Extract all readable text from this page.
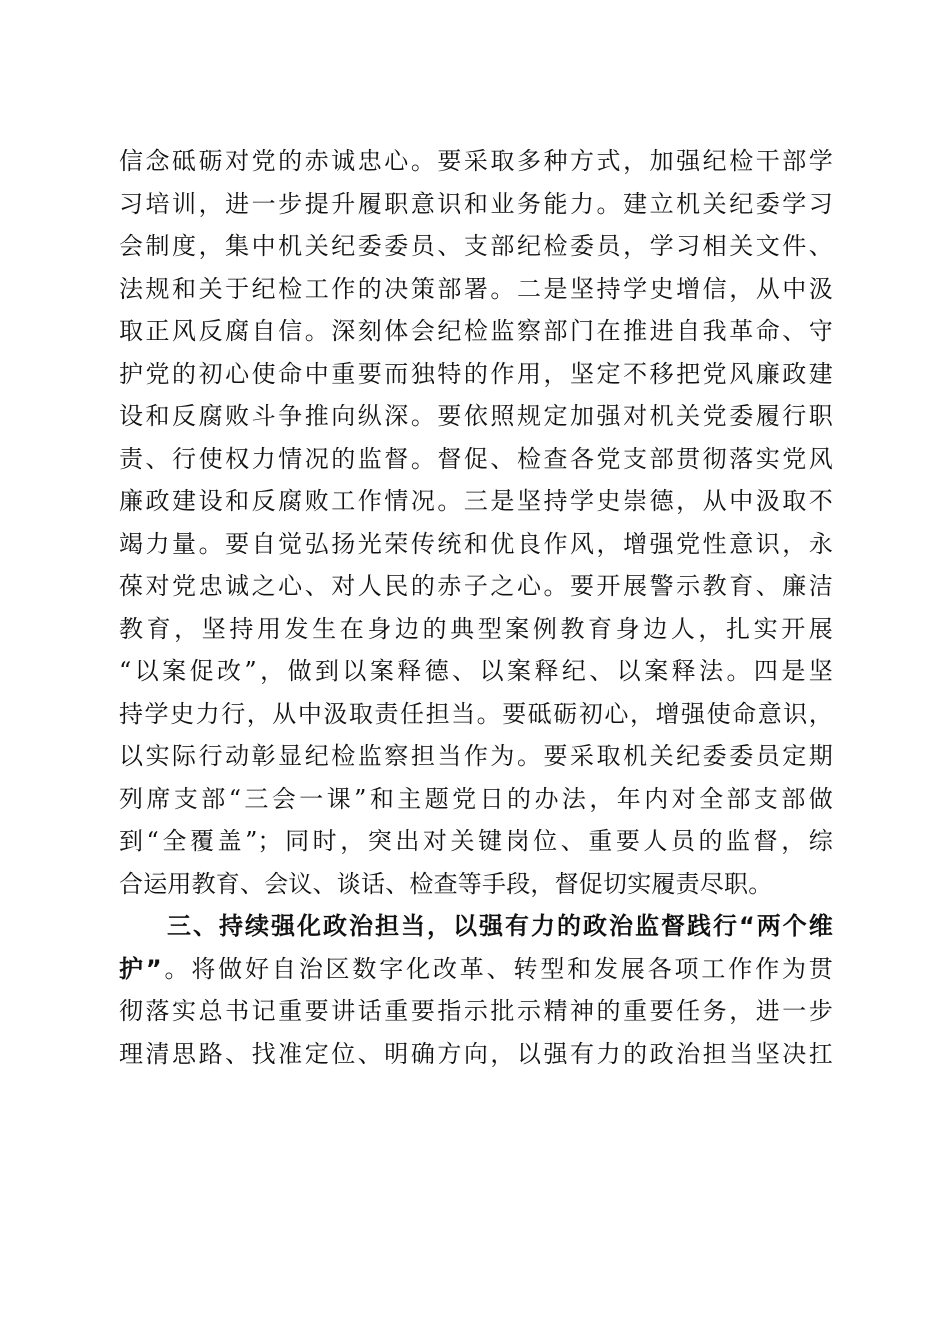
信念砥砺对党的赤诚忠心。要采取多种方式，加强纪检干部学
习培训，进一步提升履职意识和业务能力。建立机关纪委学习
会制度，集中机关纪委委员、支部纪检委员，学习相关文件、
法规和关于纪检工作的决策部署。二是坚持学史增信，从中汲
取正风反腐自信。深刻体会纪检监察部门在推进自我革命、守
护党的初心使命中重要而独特的作用，坚定不移把党风廉政建
设和反腐败斗争推向纵深。要依照规定加强对机关党委履行职
责、行使权力情况的监督。督促、检查各党支部贯彻落实党风
廉政建设和反腐败工作情况。三是坚持学史崇德，从中汲取不
竭力量。要自觉弘扬光荣传统和优良作风，增强党性意识，永
葆对党忠诚之心、对人民的赤子之心。要开展警示教育、廉洁
教育，坚持用发生在身边的典型案例教育身边人，扎实开展
“以案促改”，做到以案释德、以案释纪、以案释法。四是坚
持学史力行，从中汲取责任担当。要砥砺初心，增强使命意识，
以实际行动彰显纪检监察担当作为。要采取机关纪委委员定期
列席支部“三会一课”和主题党日的办法，年内对全部支部做
到“全覆盖”；同时，突出对关键岗位、重要人员的监督，综
合运用教育、会议、谈话、检查等手段，督促切实履责尽职。
三、持续强化政治担当，以强有力的政治监督践行“两个维
护”。将做好自治区数字化改革、转型和发展各项工作作为贯
彻落实总书记重要讲话重要指示批示精神的重要任务，进一步
理清思路、找准定位、明确方向，以强有力的政治担当坚决扛
